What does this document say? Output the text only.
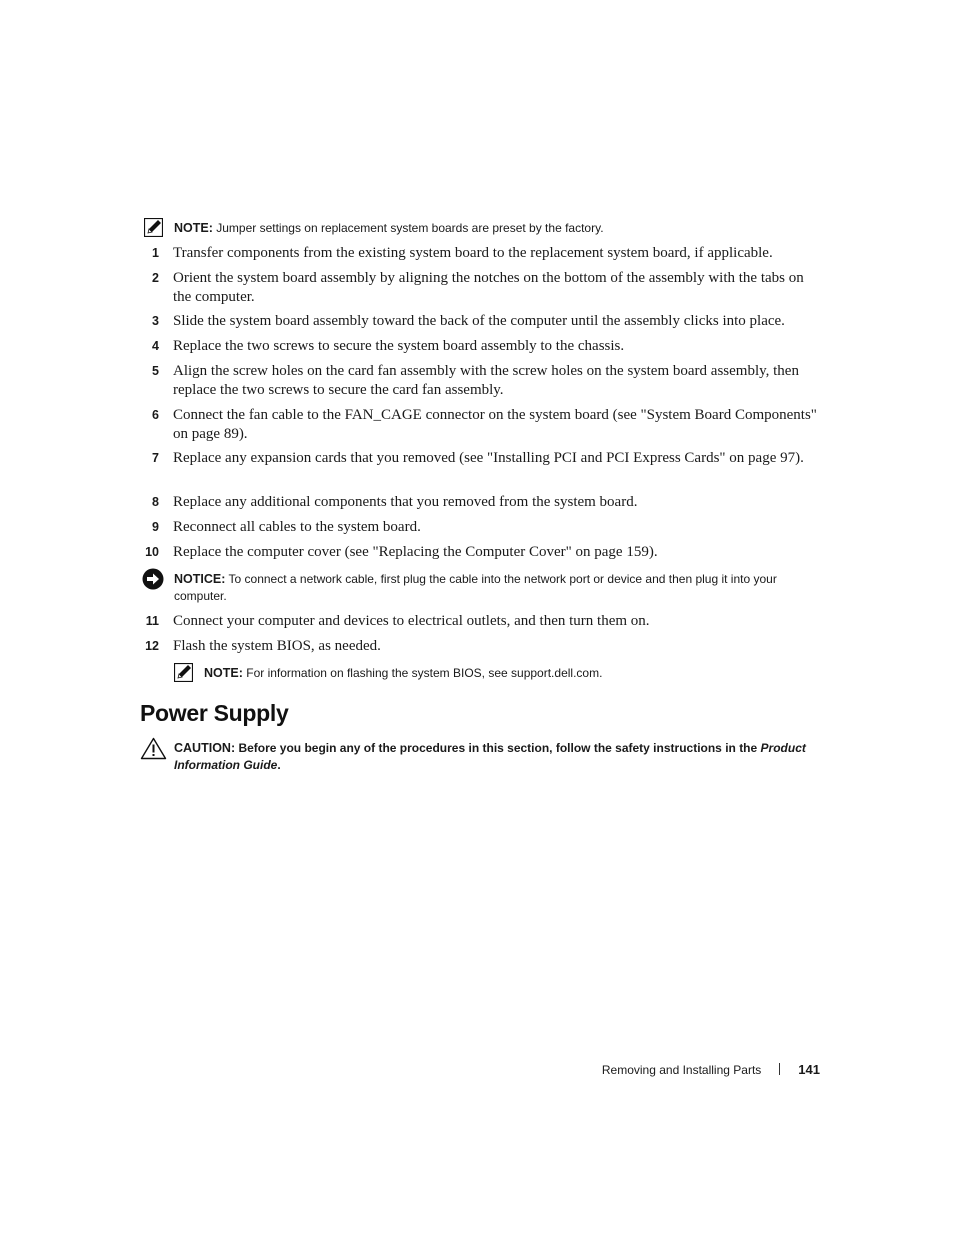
NOTE: Jumper settings on replacement system boards are preset by the factory.
1 Transfer components from the existing system board to the replacement system board, if applicable.
2 Orient the system board assembly by aligning the notches on the bottom of the assembly with the tabs on the computer.
3 Slide the system board assembly toward the back of the computer until the assembly clicks into place.
4 Replace the two screws to secure the system board assembly to the chassis.
5 Align the screw holes on the card fan assembly with the screw holes on the system board assembly, then replace the two screws to secure the card fan assembly.
6 Connect the fan cable to the FAN_CAGE connector on the system board (see "System Board Components" on page 89).
7 Replace any expansion cards that you removed (see "Installing PCI and PCI Express Cards" on page 97).
8 Replace any additional components that you removed from the system board.
9 Reconnect all cables to the system board.
10 Replace the computer cover (see "Replacing the Computer Cover" on page 159).
NOTICE: To connect a network cable, first plug the cable into the network port or device and then plug it into your computer.
11 Connect your computer and devices to electrical outlets, and then turn them on.
12 Flash the system BIOS, as needed.
NOTE: For information on flashing the system BIOS, see support.dell.com.
Power Supply
CAUTION: Before you begin any of the procedures in this section, follow the safety instructions in the Product Information Guide.
Removing and Installing Parts	141
